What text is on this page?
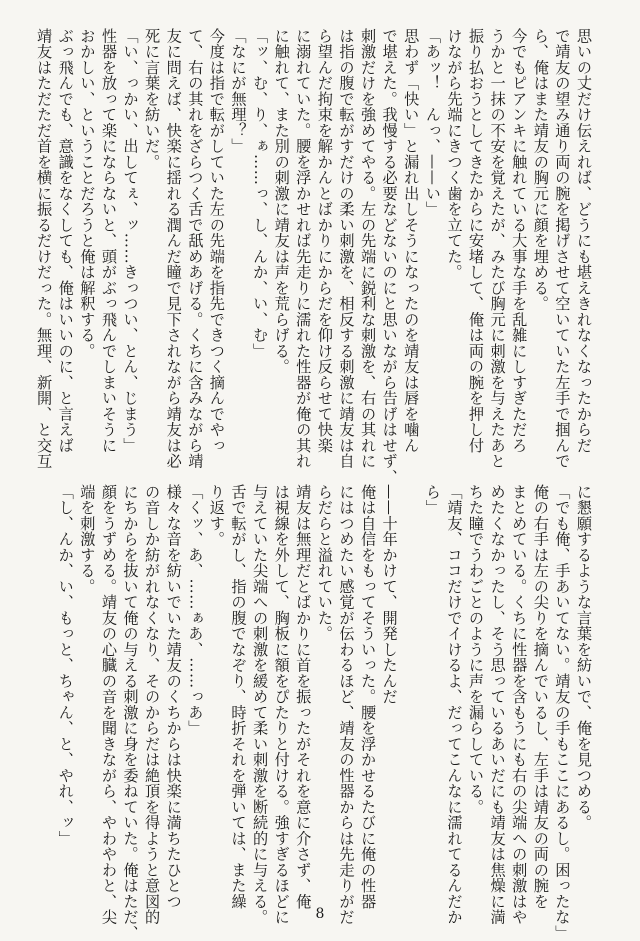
思いの丈だけ伝えれば、どうにも堪えきれなくなったからだ
で靖友の望み通り両の腕を掲げさせて空いていた左手で掴んで
ら、俺はまた靖友の胸元に顔を埋める。
今でもピアンキに触れている大事な手を乱雑にしすぎただろ
うかと一抹の不安を覚えたが、みたび胸元に刺激を与えたあと
振り払おうとしてきたからに安堵して、俺は両の腕を押し付
けながら先端にきつく歯を立てた。
「あッ！　んっ、——い」
思わず「快い」と漏れ出しそうになったのを靖友は唇を噛ん
で堪えた。我慢する必要などないのにと思いながら告げはせず、
刺激だけを強めてやる。左の先端に鋭利な刺激を、右の其れに
は指の腹で転がすだけの柔い刺激を、相反する刺激に靖友は自
ら望んだ拘束を解かんとばかりにからだを仰け反らせて快楽
に溺れていた。腰を浮かせれば先走りに濡れた性器が俺の其れ
に触れて、また別の刺激に靖友は声を荒らげる。
「ッ、む、り、ぁ……っ、し、んか、い、む」
「なにが無理？」
今度は指で転がしていた左の先端を指先できつく摘んでやっ
て、右の其れをざらつく舌で舐めあげる。くちに含みながら靖
友に問えば、快楽に揺れる潤んだ瞳で見下されながら靖友は必
死に言葉を紡いだ。
「い、っかい、出してぇ、ッ……きっつい、とん、じまう」
性器を放って楽にならないと、頭がぶっ飛んでしまいそうに
おかしい、ということだろうと俺は解釈する。
ぶっ飛んでも、意識をなくしても、俺はいいのに、と言えば
靖友はただただ首を横に振るだけだった。無理、新開、と交互
に懇願するような言葉を紡いで、俺を見つめる。
「でも俺、手あいてない。靖友の手もここにあるし。困ったな」
俺の右手は左の尖りを摘んでいるし、左手は靖友の両の腕を
まとめている。くちに性器を含もうにも右の尖端への刺激はや
めたくなかったし、そう思っているあいだにも靖友は焦燥に満
ちた瞳でうわごとのように声を漏らしている。
「靖友、ココだけでイけるよ、だってこんなに濡れてるんだか
ら」

——十年かけて、開発したんだ
俺は自信をもってそういった。腰を浮かせるたびに俺の性器
にはつめたい感覚が伝わるほど、靖友の性器からは先走りがだ
らだらと溢れていた。
靖友は無理だとばかりに首を振ったがそれを意に介さず、俺
は視線を外して、胸板に額をぴたりと付ける。強すぎるほどに
与えていた尖端への刺激を緩めて柔い刺激を断続的に与える。
舌で転がし、指の腹でなぞり、時折それを弾いては、また繰
り返す。
「くッ、あ、……ぁあ、……っあ」
様々な音を紡いでいた靖友のくちからは快楽に満ちたひとつ
の音しか紡がれなくなり、そのからだは絶頂を得ようと意図的
にちからを抜いて俺の与える刺激に身を委ねていた。俺はただ、
顔をうずめる。靖友の心臓の音を聞きながら、やわやわと、尖
端を刺激する。
「し、んか、い、もっと、ちゃん、と、やれ、ッ」
8
